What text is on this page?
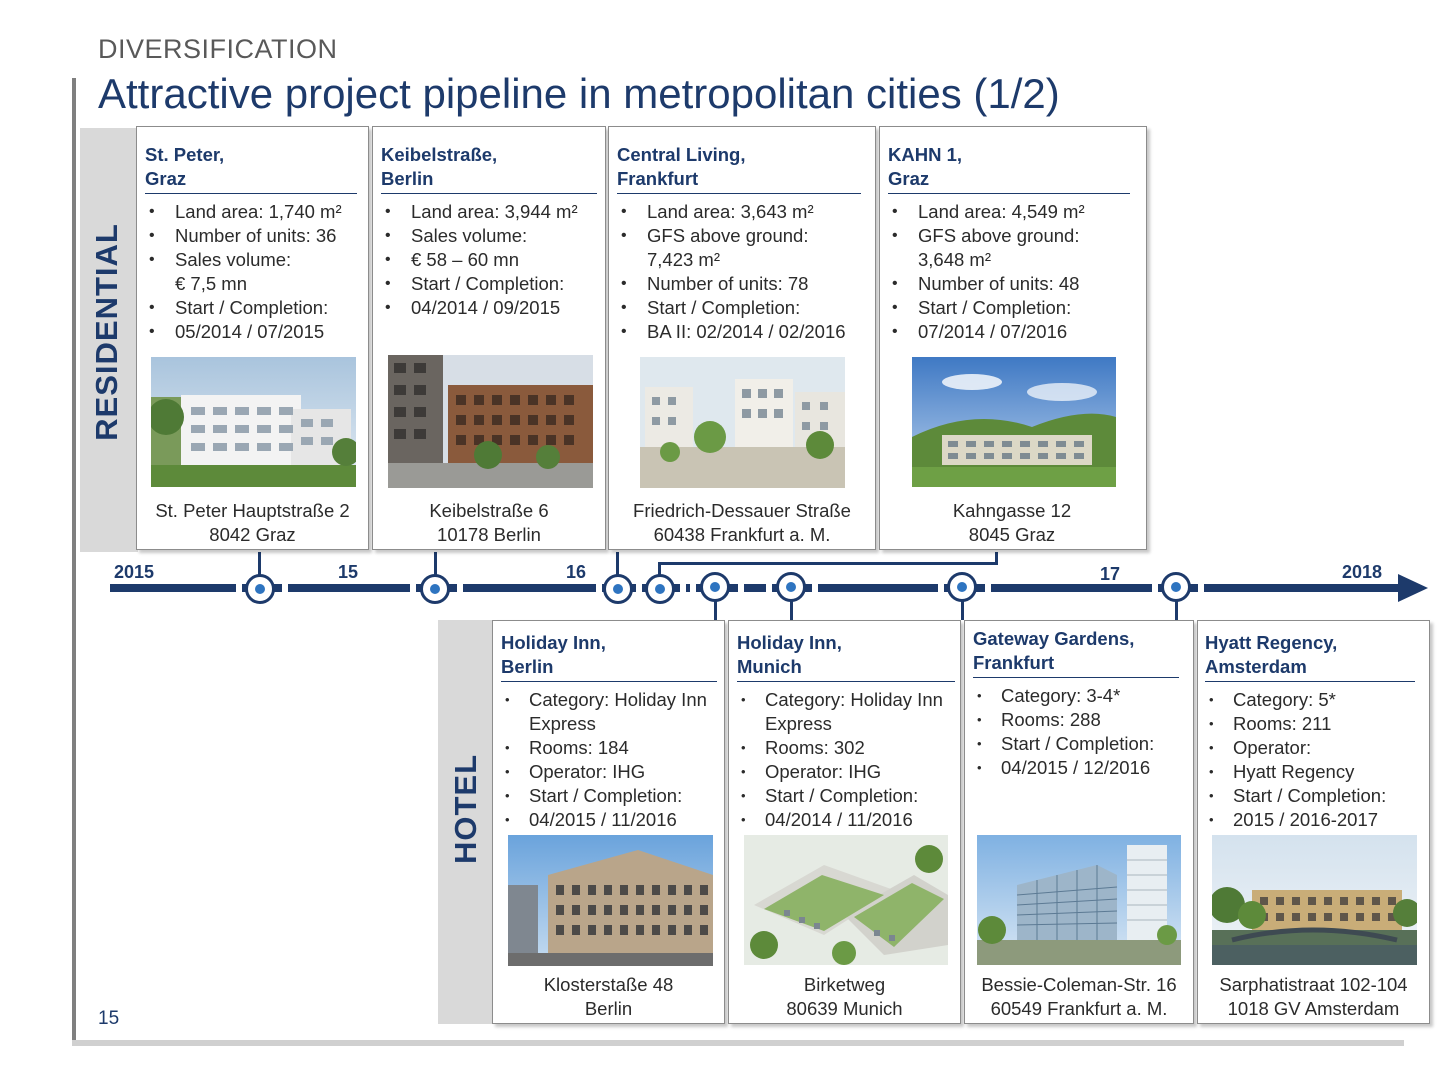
DIVERSIFICATION
Attractive project pipeline in metropolitan cities (1/2)
15
RESIDENTIAL
HOTEL
2015	15	16	17	2018
St. Peter,
Graz
• Land area: 1,740 m²
• Number of units: 36
• Sales volume:
€ 7,5 mn
• Start / Completion:
• 05/2014 / 07/2015
St. Peter Hauptstraße 2
8042 Graz
Keibelstraße,
Berlin
• Land area: 3,944 m²
• Sales volume:
• € 58 – 60 mn
• Start / Completion:
• 04/2014 / 09/2015
Keibelstraße 6
10178 Berlin
Central Living,
Frankfurt
• Land area: 3,643 m²
• GFS above ground:
7,423 m²
• Number of units: 78
• Start / Completion:
• BA II: 02/2014 / 02/2016
Friedrich-Dessauer Straße
60438 Frankfurt a. M.
KAHN 1,
Graz
• Land area: 4,549 m²
• GFS above ground:
3,648 m²
• Number of units: 48
• Start / Completion:
• 07/2014 / 07/2016
Kahngasse 12
8045 Graz
Holiday Inn,
Berlin
• Category: Holiday Inn
Express
• Rooms: 184
• Operator: IHG
• Start / Completion:
• 04/2015 / 11/2016
Klosterstaße 48
Berlin
Holiday Inn,
Munich
• Category: Holiday Inn
Express
• Rooms: 302
• Operator: IHG
• Start / Completion:
• 04/2014 / 11/2016
Birketweg
80639 Munich
Gateway Gardens,
Frankfurt
• Category: 3-4*
• Rooms: 288
• Start / Completion:
• 04/2015 / 12/2016
Bessie-Coleman-Str. 16
60549 Frankfurt a. M.
Hyatt Regency,
Amsterdam
• Category: 5*
• Rooms: 211
• Operator:
• Hyatt Regency
• Start / Completion:
• 2015 / 2016-2017
Sarphatistraat 102-104
1018 GV Amsterdam
